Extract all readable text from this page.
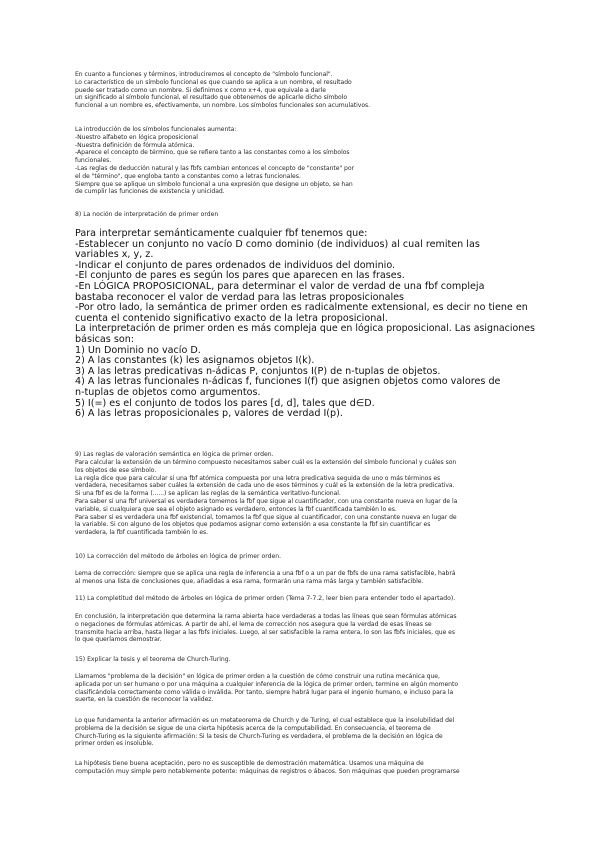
En cuanto a funciones y términos, introduciremos el concepto de "símbolo funcional".
Lo característico de un símbolo funcional es que cuando se aplica a un nombre, el resultado
puede ser tratado como un nombre. Si definimos x como x+4, que equivale a darle
un significado al símbolo funcional, el resultado que obtenemos de aplicarle dicho símbolo
funcional a un nombre es, efectivamente, un nombre. Los símbolos funcionales son acumulativos.
La introducción de los símbolos funcionales aumenta:
-Nuestro alfabeto en lógica proposicional
-Nuestra definición de fórmula atómica.
-Aparece el concepto de término, que se refiere tanto a las constantes como a los símbolos
funcionales.
-Las reglas de deducción natural y las fbfs cambian entonces el concepto de "constante" por
el de "término", que engloba tanto a constantes como a letras funcionales.
Siempre que se aplique un símbolo funcional a una expresión que designe un objeto, se han
de cumplir las funciones de existencia y unicidad.
8) La noción de interpretación de primer orden
Para interpretar semánticamente cualquier fbf tenemos que:
-Establecer un conjunto no vacío D como dominio (de individuos) al cual remiten las
variables x, y, z.
-Indicar el conjunto de pares ordenados de individuos del dominio.
-El conjunto de pares es según los pares que aparecen en las frases.
-En LÓGICA PROPOSICIONAL, para determinar el valor de verdad de una fbf compleja
bastaba reconocer el valor de verdad para las letras proposicionales
-Por otro lado, la semántica de primer orden es radicalmente extensional, es decir no tiene en
cuenta el contenido significativo exacto de la letra proposicional.
La interpretación de primer orden es más compleja que en lógica proposicional. Las asignaciones
básicas son:
1) Un Dominio no vacío D.
2) A las constantes (k) les asignamos objetos I(k).
3) A las letras predicativas n-ádicas P, conjuntos I(P) de n-tuplas de objetos.
4) A las letras funcionales n-ádicas f, funciones I(f) que asignen objetos como valores de
n-tuplas de objetos como argumentos.
5) I(=) es el conjunto de todos los pares [d, d], tales que d∈D.
6) A las letras proposicionales p, valores de verdad I(p).
9) Las reglas de valoración semántica en lógica de primer orden.
Para calcular la extensión de un término compuesto necesitamos saber cuál es la extensión del símbolo funcional y cuáles son
los objetos de ese símbolo.
La regla dice que para calcular si una fbf atómica compuesta por una letra predicativa seguida de uno o más términos es
verdadera, necesitamos saber cuáles la extensión de cada uno de esos términos y cuál es la extensión de la letra predicativa.
Si una fbf es de la forma (......) se aplican las reglas de la semántica veritativo-funcional.
Para saber si una fbf universal es verdadera tomemos la fbf que sigue al cuantificador, con una constante nueva en lugar de la
variable, si cualquiera que sea el objeto asignado es verdadero, entonces la fbf cuantificada también lo es.
Para saber si es verdadera una fbf existencial, tomamos la fbf que sigue al cuantificador, con una constante nueva en lugar de
la variable. Si con alguno de los objetos que podamos asignar como extensión a esa constante la fbf sin cuantificar es
verdadera, la fbf cuantificada también lo es.
10) La corrección del método de árboles en lógica de primer orden.
Lema de corrección: siempre que se aplica una regla de inferencia a una fbf o a un par de fbfs de una rama satisfacible, habrá
al menos una lista de conclusiones que, añadidas a esa rama, formarán una rama más larga y también satisfacible.
11) La completitud del método de árboles en lógica de primer orden (Tema 7-7.2, leer bien para entender todo el apartado).
En conclusión, la interpretación que determina la rama abierta hace verdaderas a todas las líneas que sean fórmulas atómicas
o negaciones de fórmulas atómicas. A partir de ahí, el lema de corrección nos asegura que la verdad de esas líneas se
transmite hacia arriba, hasta llegar a las fbfs iniciales. Luego, al ser satisfacible la rama entera, lo son las fbfs iniciales, que es
lo que queríamos demostrar.
15) Explicar la tesis y el teorema de Church-Turing.
Llamamos "problema de la decisión" en lógica de primer orden a la cuestión de cómo construir una rutina mecánica que,
aplicada por un ser humano o por una máquina a cualquier inferencia de la lógica de primer orden, termine en algún momento
clasificándola correctamente como válida o inválida. Por tanto, siempre habrá lugar para el ingenio humano, e incluso para la
suerte, en la cuestión de reconocer la validez.
Lo que fundamenta la anterior afirmación es un metateorema de Church y de Turing, el cual establece que la insolubilidad del
problema de la decisión se sigue de una cierta hipótesis acerca de la computabilidad. En consecuencia, el teorema de
Church-Turing es la siguiente afirmación: Si la tesis de Church-Turing es verdadera, el problema de la decisión en lógica de
primer orden es insoluble.
La hipótesis tiene buena aceptación, pero no es susceptible de demostración matemática. Usamos una máquina de
computación muy simple pero notablemente potente: máquinas de registros o ábacos. Son máquinas que pueden programarse
